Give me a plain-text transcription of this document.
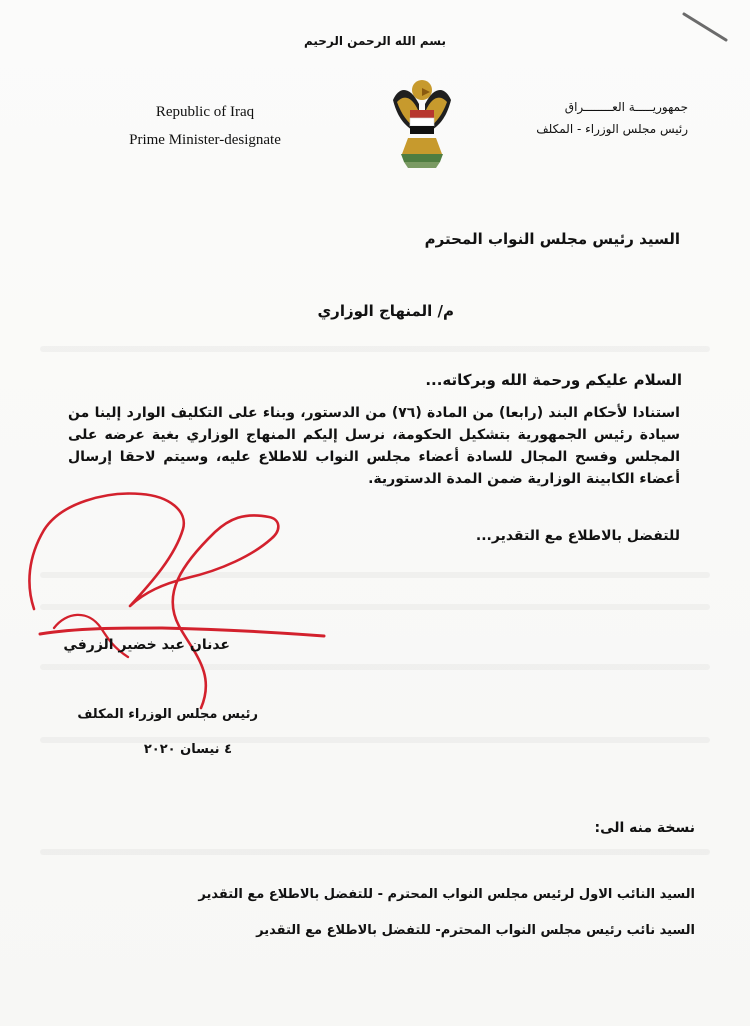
بسم الله الرحمن الرحيم
Republic of Iraq
Prime Minister-designate
جمهوريـــــة العــــــــراق
رئيس مجلس الوزراء - المكلف
السيد رئيس مجلس النواب المحترم
م/ المنهاج الوزاري
السلام عليكم ورحمة الله وبركاته...
استنادا لأحكام البند (رابعا) من المادة (٧٦) من الدستور، وبناء على التكليف الوارد إلينا من سيادة رئيس الجمهورية بتشكيل الحكومة، نرسل إليكم المنهاج الوزاري بغية عرضه على المجلس وفسح المجال للسادة أعضاء مجلس النواب للاطلاع عليه، وسيتم لاحقا إرسال أعضاء الكابينة الوزارية ضمن المدة الدستورية.
للتفضل بالاطلاع مع التقدير...
عدنان عبد خضير الزرفي
رئيس مجلس الوزراء المكلف
٤ نيسان ٢٠٢٠
نسخة منه الى:
السيد النائب الاول لرئيس مجلس النواب المحترم - للتفضل بالاطلاع مع التقدير
السيد نائب رئيس مجلس النواب المحترم- للتفضل بالاطلاع مع التقدير
